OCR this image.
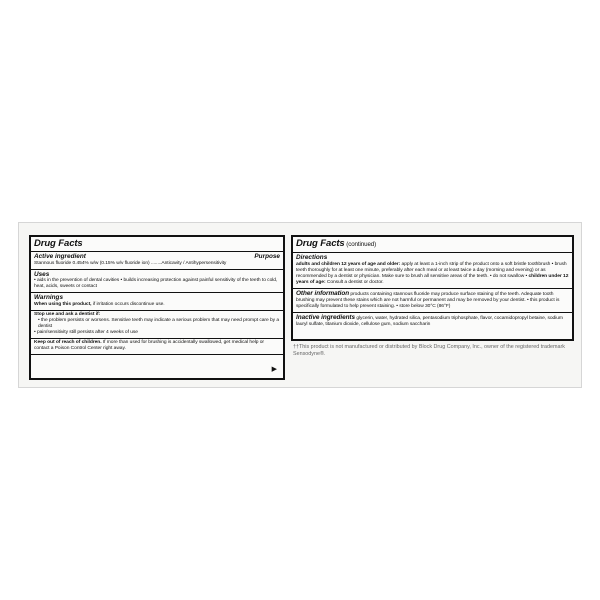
Drug Facts
Active ingredient	Purpose
Stannous fluoride 0.454% w/w (0.15% w/v fluoride ion) ........Anticavity / Antihypersensitivity
Uses
• aids in the prevention of dental cavities • builds increasing protection against painful sensitivity of the teeth to cold, heat, acids, sweets or contact
Warnings
When using this product, if irritation occurs discontinue use.
Stop use and ask a dentist if:
• the problem persists or worsens. Sensitive teeth may indicate a serious problem that may need prompt care by a dentist
• pain/sensitivity still persists after 4 weeks of use
Keep out of reach of children. If more than used for brushing is accidentally swallowed, get medical help or contact a Poison Control Center right away.
▶
Drug Facts (continued)
Directions
adults and children 12 years of age and older: apply at least a 1-inch strip of the product onto a soft bristle toothbrush • brush teeth thoroughly for at least one minute, preferably after each meal or at least twice a day (morning and evening) or as recommended by a dentist or physician. Make sure to brush all sensitive areas of the teeth. • do not swallow • children under 12 years of age: Consult a dentist or doctor.
Other information products containing stannous fluoride may produce surface staining of the teeth. Adequate tooth brushing may prevent these stains which are not harmful or permanent and may be removed by your dentist. • this product is specifically formulated to help prevent staining. • store below 30°C (86°F)
Inactive ingredients glycerin, water, hydrated silica, pentasodium triphosphate, flavor, cocamidopropyl betaine, sodium lauryl sulfate, titanium dioxide, cellulose gum, sodium saccharin
††This product is not manufactured or distributed by Block Drug Company, Inc., owner of the registered trademark Sensodyne®.
